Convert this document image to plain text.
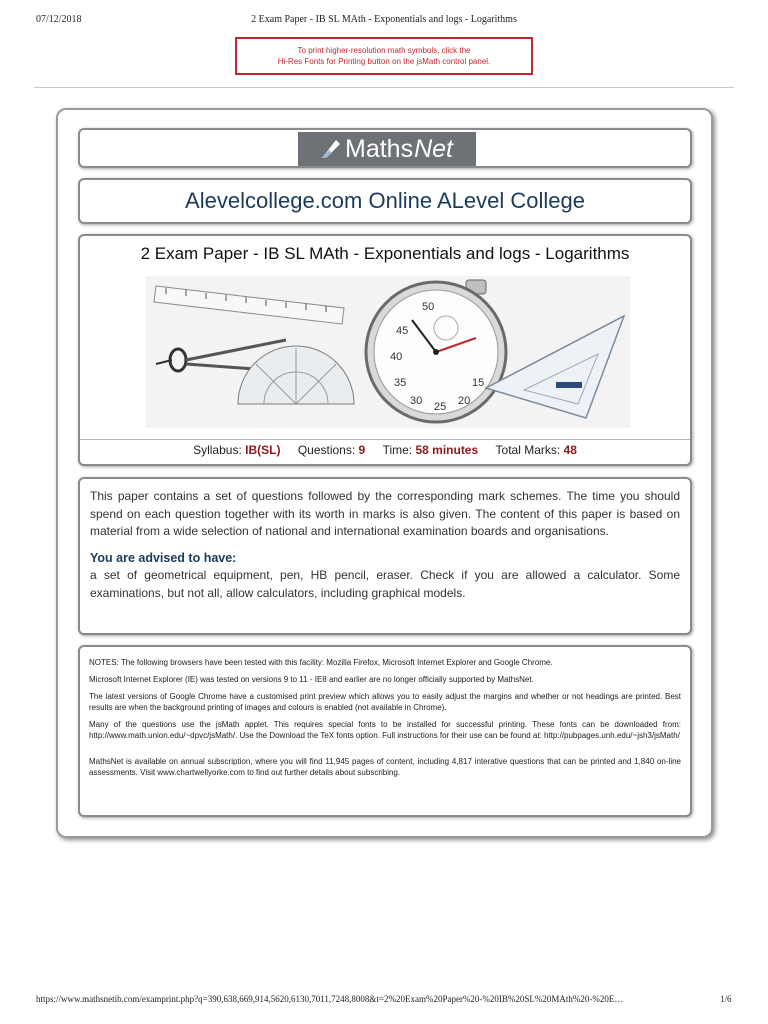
07/12/2018	2 Exam Paper - IB SL MAth - Exponentials and logs - Logarithms
To print higher-resolution math symbols, click the
Hi-Res Fonts for Printing button on the jsMath control panel.
Maths Net
Alevelcollege.com Online ALevel College
2 Exam Paper - IB SL MAth - Exponentials and logs - Logarithms
50
45
40
35
30 25 20
15
Syllabus: IB(SL) Questions: 9 Time: 58 minutes Total Marks: 48
This paper contains a set of questions followed by the corresponding mark schemes. The time you should spend on each question together with its worth in marks is also given. The content of this paper is based on material from a wide selection of national and international examination boards and organisations.
You are advised to have:
a set of geometrical equipment, pen, HB pencil, eraser. Check if you are allowed a calculator. Some examinations, but not all, allow calculators, including graphical models.

NOTES: The following browsers have been tested with this facility: Mozilla Firefox, Microsoft Internet Explorer and Google Chrome.

Microsoft Internet Explorer (IE) was tested on versions 9 to 11 - IE8 and earlier are no longer officially supported by MathsNet.

The latest versions of Google Chrome have a customised print preview which allows you to easily adjust the margins and whether or not headings are printed. Best results are when the background printing of images and colours is enabled (not available in Chrome).

Many of the questions use the jsMath applet. This requires special fonts to be installed for successful printing. These fonts can be downloaded from: http://www.math.union.edu/~dpvc/jsMath/. Use the Download the TeX fonts option. Full instructions for their use can be found at: http://pubpages.unh.edu/~jsh3/jsMath/

MathsNet is available on annual subscription, where you will find 11,945 pages of content, including 4,817 interative questions that can be printed and 1,840 on-line assessments. Visit www.chartwellyorke.com to find out further details about subscribing.

https://www.mathsnetib.com/examprint.php?q=390,638,669,914,5620,6130,7011,7248,8008&t=2%20Exam%20Paper%20-%20IB%20SL%20MAth%20-%20E…	1/6
